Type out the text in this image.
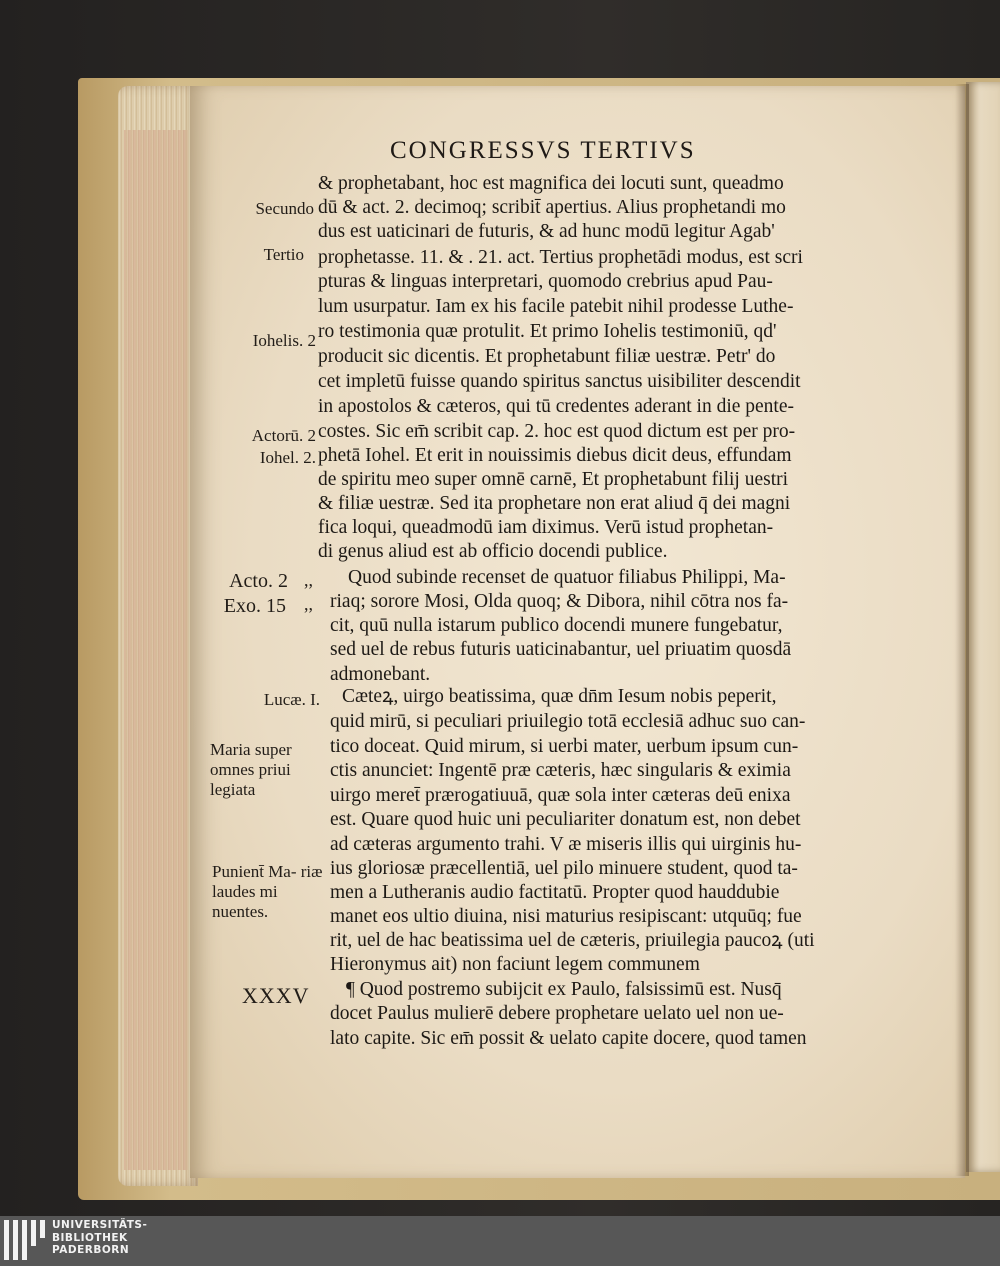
CONGRESSVS TERTIVS
& prophetabant, hoc est magnifica dei locuti sunt, queadmo
dū & act. 2. decimoq; scribit̄ apertius. Alius prophetandi mo
dus est uaticinari de futuris, & ad hunc modū legitur Agab'
prophetasse. 11. & . 21. act. Tertius prophetādi modus, est scri
pturas & linguas interpretari, quomodo crebrius apud Pau-
lum usurpatur. Iam ex his facile patebit nihil prodesse Luthe-
ro testimonia quæ protulit. Et primo Iohelis testimoniū, qd'
producit sic dicentis. Et prophetabunt filiæ uestræ. Petr' do
cet impletū fuisse quando spiritus sanctus uisibiliter descendit
in apostolos & cæteros, qui tū credentes aderant in die pente-
costes. Sic em̄ scribit cap. 2. hoc est quod dictum est per pro-
phetā Iohel. Et erit in nouissimis diebus dicit deus, effundam
de spiritu meo super omnē carnē, Et prophetabunt filij uestri
& filiæ uestræ. Sed ita prophetare non erat aliud q̄ dei magni
fica loqui, queadmodū iam diximus. Verū istud prophetan-
di genus aliud est ab officio docendi publice.
Quod subinde recenset de quatuor filiabus Philippi, Ma-
riaq; sorore Mosi, Olda quoq; & Dibora, nihil cōtra nos fa-
cit, quū nulla istarum publico docendi munere fungebatur,
sed uel de rebus futuris uaticinabantur, uel priuatim quosdā
admonebant.
Cæteꝝ, uirgo beatissima, quæ dn̄m Iesum nobis peperit,
quid mirū, si peculiari priuilegio totā ecclesiā adhuc suo can-
tico doceat. Quid mirum, si uerbi mater, uerbum ipsum cun-
ctis anunciet: Ingentē præ cæteris, hæc singularis & eximia
uirgo meret̄ prærogatiuuā, quæ sola inter cæteras deū enixa
est. Quare quod huic uni peculiariter donatum est, non debet
ad cæteras argumento trahi. V æ miseris illis qui uirginis hu-
ius gloriosæ præcellentiā, uel pilo minuere student, quod ta-
men a Lutheranis audio factitatū. Propter quod hauddubie
manet eos ultio diuina, nisi maturius resipiscant: utquūq; fue
rit, uel de hac beatissima uel de cæteris, priuilegia paucoꝝ (uti
Hieronymus ait) non faciunt legem communem
¶ Quod postremo subijcit ex Paulo, falsissimū est. Nusq̄
docet Paulus mulierē debere prophetare uelato uel non ue-
lato capite. Sic em̄ possit & uelato capite docere, quod tamen
Secundo
Tertio
Iohelis. 2
Actorū. 2
Iohel. 2.
Acto. 2
Exo. 15
,,
,,
Lucæ. I.
Maria super omnes priui legiata
Punient̄ Ma- riæ laudes mi nuentes.
XXXV
UNIVERSITÄTS-
BIBLIOTHEK
PADERBORN
